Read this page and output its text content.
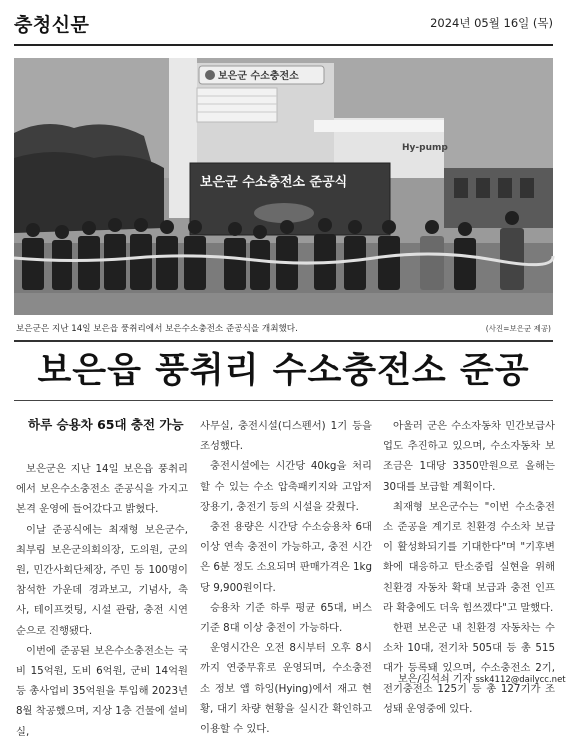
충청신문	2024년 05월 16일 (목)
보은군 수소충전소
Hy-pump
보은군 수소충전소 준공식
보은군은 지난 14일 보은읍 풍취리에서 보은수소충전소 준공식을 개최했다.	(사진=보은군 제공)
보은읍 풍취리 수소충전소 준공
하루 승용차 65대 충전 가능

보은군은 지난 14일 보은읍 풍취리에서 보은수소충전소 준공식을 가지고 본격 운영에 들어갔다고 밝혔다.

이날 준공식에는 최재형 보은군수, 최부림 보은군의회의장, 도의원, 군의원, 민간사회단체장, 주민 등 100명이 참석한 가운데 경과보고, 기념사, 축사, 테이프컷팅, 시설 관람, 충전 시연 순으로 진행됐다.

이번에 준공된 보은수소충전소는 국비 15억원, 도비 6억원, 군비 14억원 등 총사업비 35억원을 투입해 2023년 8월 착공했으며, 지상 1층 건물에 설비실,

사무실, 충전시설(디스펜서) 1기 등을 조성했다.

충전시설에는 시간당 40kg을 처리할 수 있는 수소 압축패키지와 고압저장용기, 충전기 등의 시설을 갖췄다.

충전 용량은 시간당 수소승용차 6대 이상 연속 충전이 가능하고, 충전 시간은 6분 정도 소요되며 판매가격은 1kg당 9,900원이다.

승용차 기준 하루 평균 65대, 버스 기준 8대 이상 충전이 가능하다.

운영시간은 오전 8시부터 오후 8시까지 연중무휴로 운영되며, 수소충전소 정보 앱 하잉(Hying)에서 재고 현황, 대기 차량 현황을 실시간 확인하고 이용할 수 있다.

아울러 군은 수소자동차 민간보급사업도 추진하고 있으며, 수소자동차 보조금은 1대당 3350만원으로 올해는 30대를 보급할 계획이다.

최재형 보은군수는 "이번 수소충전소 준공을 계기로 친환경 수소차 보급이 활성화되기를 기대한다"며 "기후변화에 대응하고 탄소중립 실현을 위해 친환경 자동차 확대 보급과 충전 인프라 확충에도 더욱 힘쓰겠다"고 말했다.

한편 보은군 내 친환경 자동차는 수소차 10대, 전기차 505대 등 총 515대가 등록돼 있으며, 수소충전소 2기, 전기충전소 125기 등 총 127기가 조성돼 운영중에 있다.

보은/김석쇠 기자 ssk4112@dailycc.net
